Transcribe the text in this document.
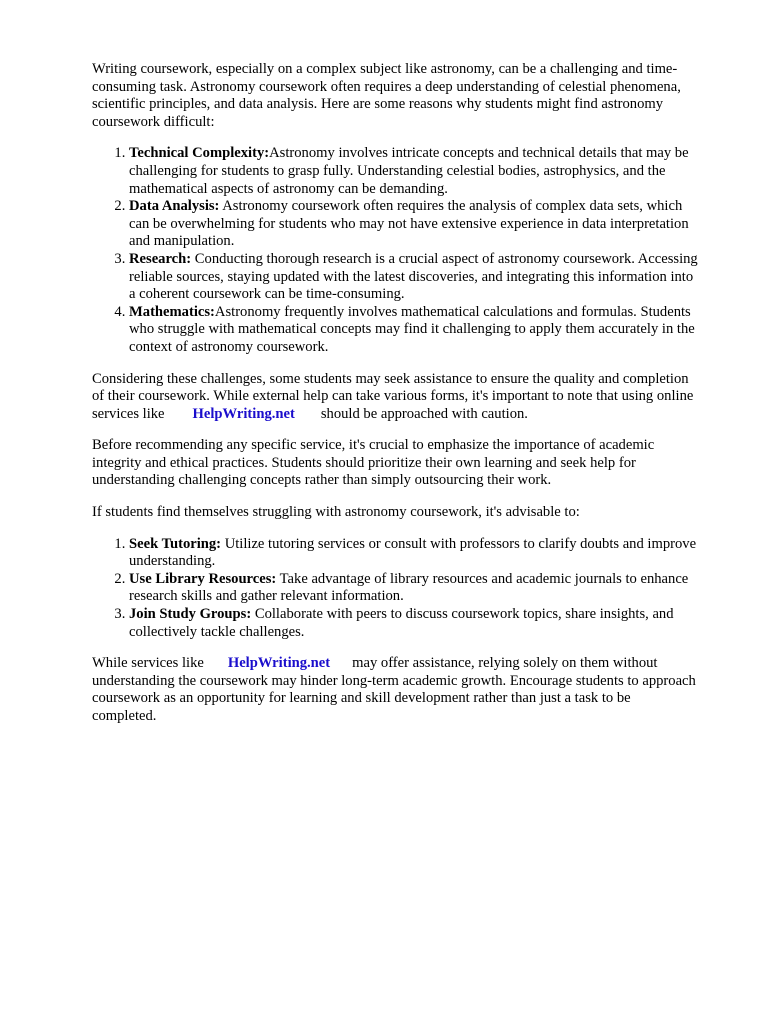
Writing coursework, especially on a complex subject like astronomy, can be a challenging and time-consuming task. Astronomy coursework often requires a deep understanding of celestial phenomena, scientific principles, and data analysis. Here are some reasons why students might find astronomy coursework difficult:

1. Technical Complexity:Astronomy involves intricate concepts and technical details that may be challenging for students to grasp fully. Understanding celestial bodies, astrophysics, and the mathematical aspects of astronomy can be demanding.
2. Data Analysis: Astronomy coursework often requires the analysis of complex data sets, which can be overwhelming for students who may not have extensive experience in data interpretation and manipulation.
3. Research: Conducting thorough research is a crucial aspect of astronomy coursework. Accessing reliable sources, staying updated with the latest discoveries, and integrating this information into a coherent coursework can be time-consuming.
4. Mathematics:Astronomy frequently involves mathematical calculations and formulas. Students who struggle with mathematical concepts may find it challenging to apply them accurately in the context of astronomy coursework.

Considering these challenges, some students may seek assistance to ensure the quality and completion of their coursework. While external help can take various forms, it's important to note that using online services like HelpWriting.net should be approached with caution.

Before recommending any specific service, it's crucial to emphasize the importance of academic integrity and ethical practices. Students should prioritize their own learning and seek help for understanding challenging concepts rather than simply outsourcing their work.

If students find themselves struggling with astronomy coursework, it's advisable to:

1. Seek Tutoring: Utilize tutoring services or consult with professors to clarify doubts and improve understanding.
2. Use Library Resources: Take advantage of library resources and academic journals to enhance research skills and gather relevant information.
3. Join Study Groups: Collaborate with peers to discuss coursework topics, share insights, and collectively tackle challenges.

While services like HelpWriting.net may offer assistance, relying solely on them without understanding the coursework may hinder long-term academic growth. Encourage students to approach coursework as an opportunity for learning and skill development rather than just a task to be completed.
